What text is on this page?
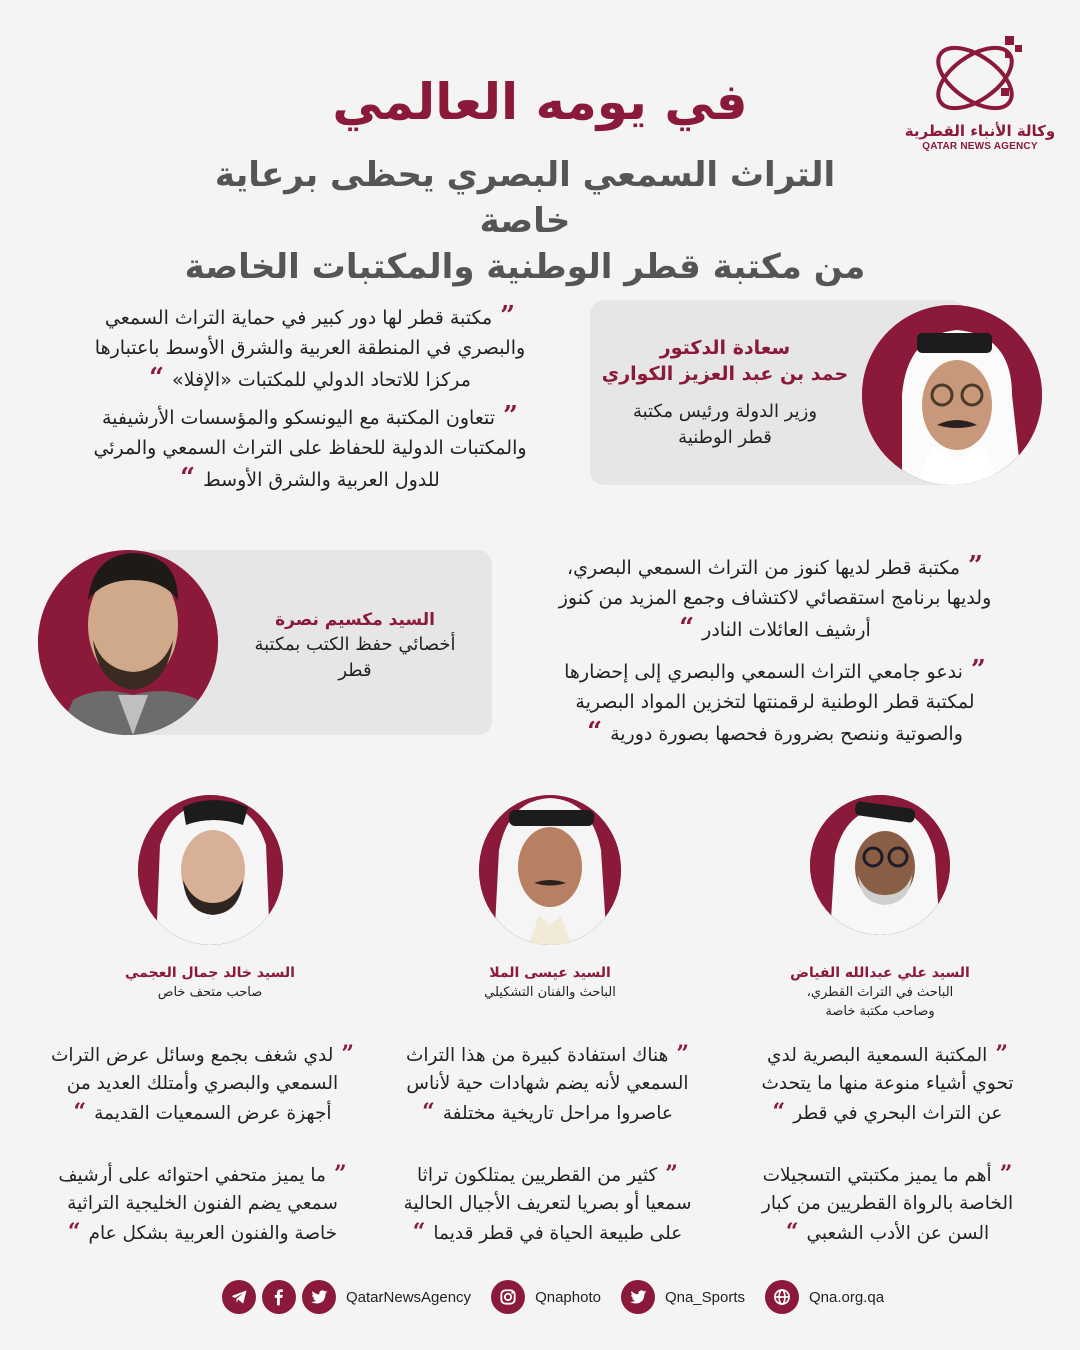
وكالة الأنباء القطرية
QATAR NEWS AGENCY
في يومه العالمي
التراث السمعي البصري يحظى برعاية خاصة
من مكتبة قطر الوطنية والمكتبات الخاصة
سعادة الدكتور
حمد بن عبد العزيز الكواري
وزير الدولة ورئيس مكتبة
قطر الوطنية
”مكتبة قطر لها دور كبير في حماية التراث السمعي
والبصري في المنطقة العربية والشرق الأوسط باعتبارها
مركزا للاتحاد الدولي للمكتبات «الإفلا»“
”تتعاون المكتبة مع اليونسكو والمؤسسات الأرشيفية
والمكتبات الدولية للحفاظ على التراث السمعي والمرئي
للدول العربية والشرق الأوسط“
السيد مكسيم نصرة
أخصائي حفظ الكتب بمكتبة
قطر
”مكتبة قطر لديها كنوز من التراث السمعي البصري،
ولديها برنامج استقصائي لاكتشاف وجمع المزيد من كنوز
أرشيف العائلات النادر“
”ندعو جامعي التراث السمعي والبصري إلى إحضارها
لمكتبة قطر الوطنية لرقمنتها لتخزين المواد البصرية
والصوتية وننصح بضرورة فحصها بصورة دورية“
السيد علي عبدالله الفياض
الباحث في التراث القطري،
وصاحب مكتبة خاصة
السيد عيسى الملا
الباحث والفنان التشكيلي
السيد خالد جمال العجمي
صاحب متحف خاص
”المكتبة السمعية البصرية لدي
تحوي أشياء منوعة منها ما يتحدث
عن التراث البحري في قطر“
”أهم ما يميز مكتبتي التسجيلات
الخاصة بالرواة القطريين من كبار
السن عن الأدب الشعبي“
”هناك استفادة كبيرة من هذا التراث
السمعي لأنه يضم شهادات حية لأناس
عاصروا مراحل تاريخية مختلفة“
”كثير من القطريين يمتلكون تراثا
سمعيا أو بصريا لتعريف الأجيال الحالية
على طبيعة الحياة في قطر قديما“
”لدي شغف بجمع وسائل عرض التراث
السمعي والبصري وأمتلك العديد من
أجهزة عرض السمعيات القديمة“
”ما يميز متحفي احتوائه على أرشيف
سمعي يضم الفنون الخليجية التراثية
خاصة والفنون العربية بشكل عام“
QatarNewsAgency	Qnaphoto	Qna_Sports	Qna.org.qa
